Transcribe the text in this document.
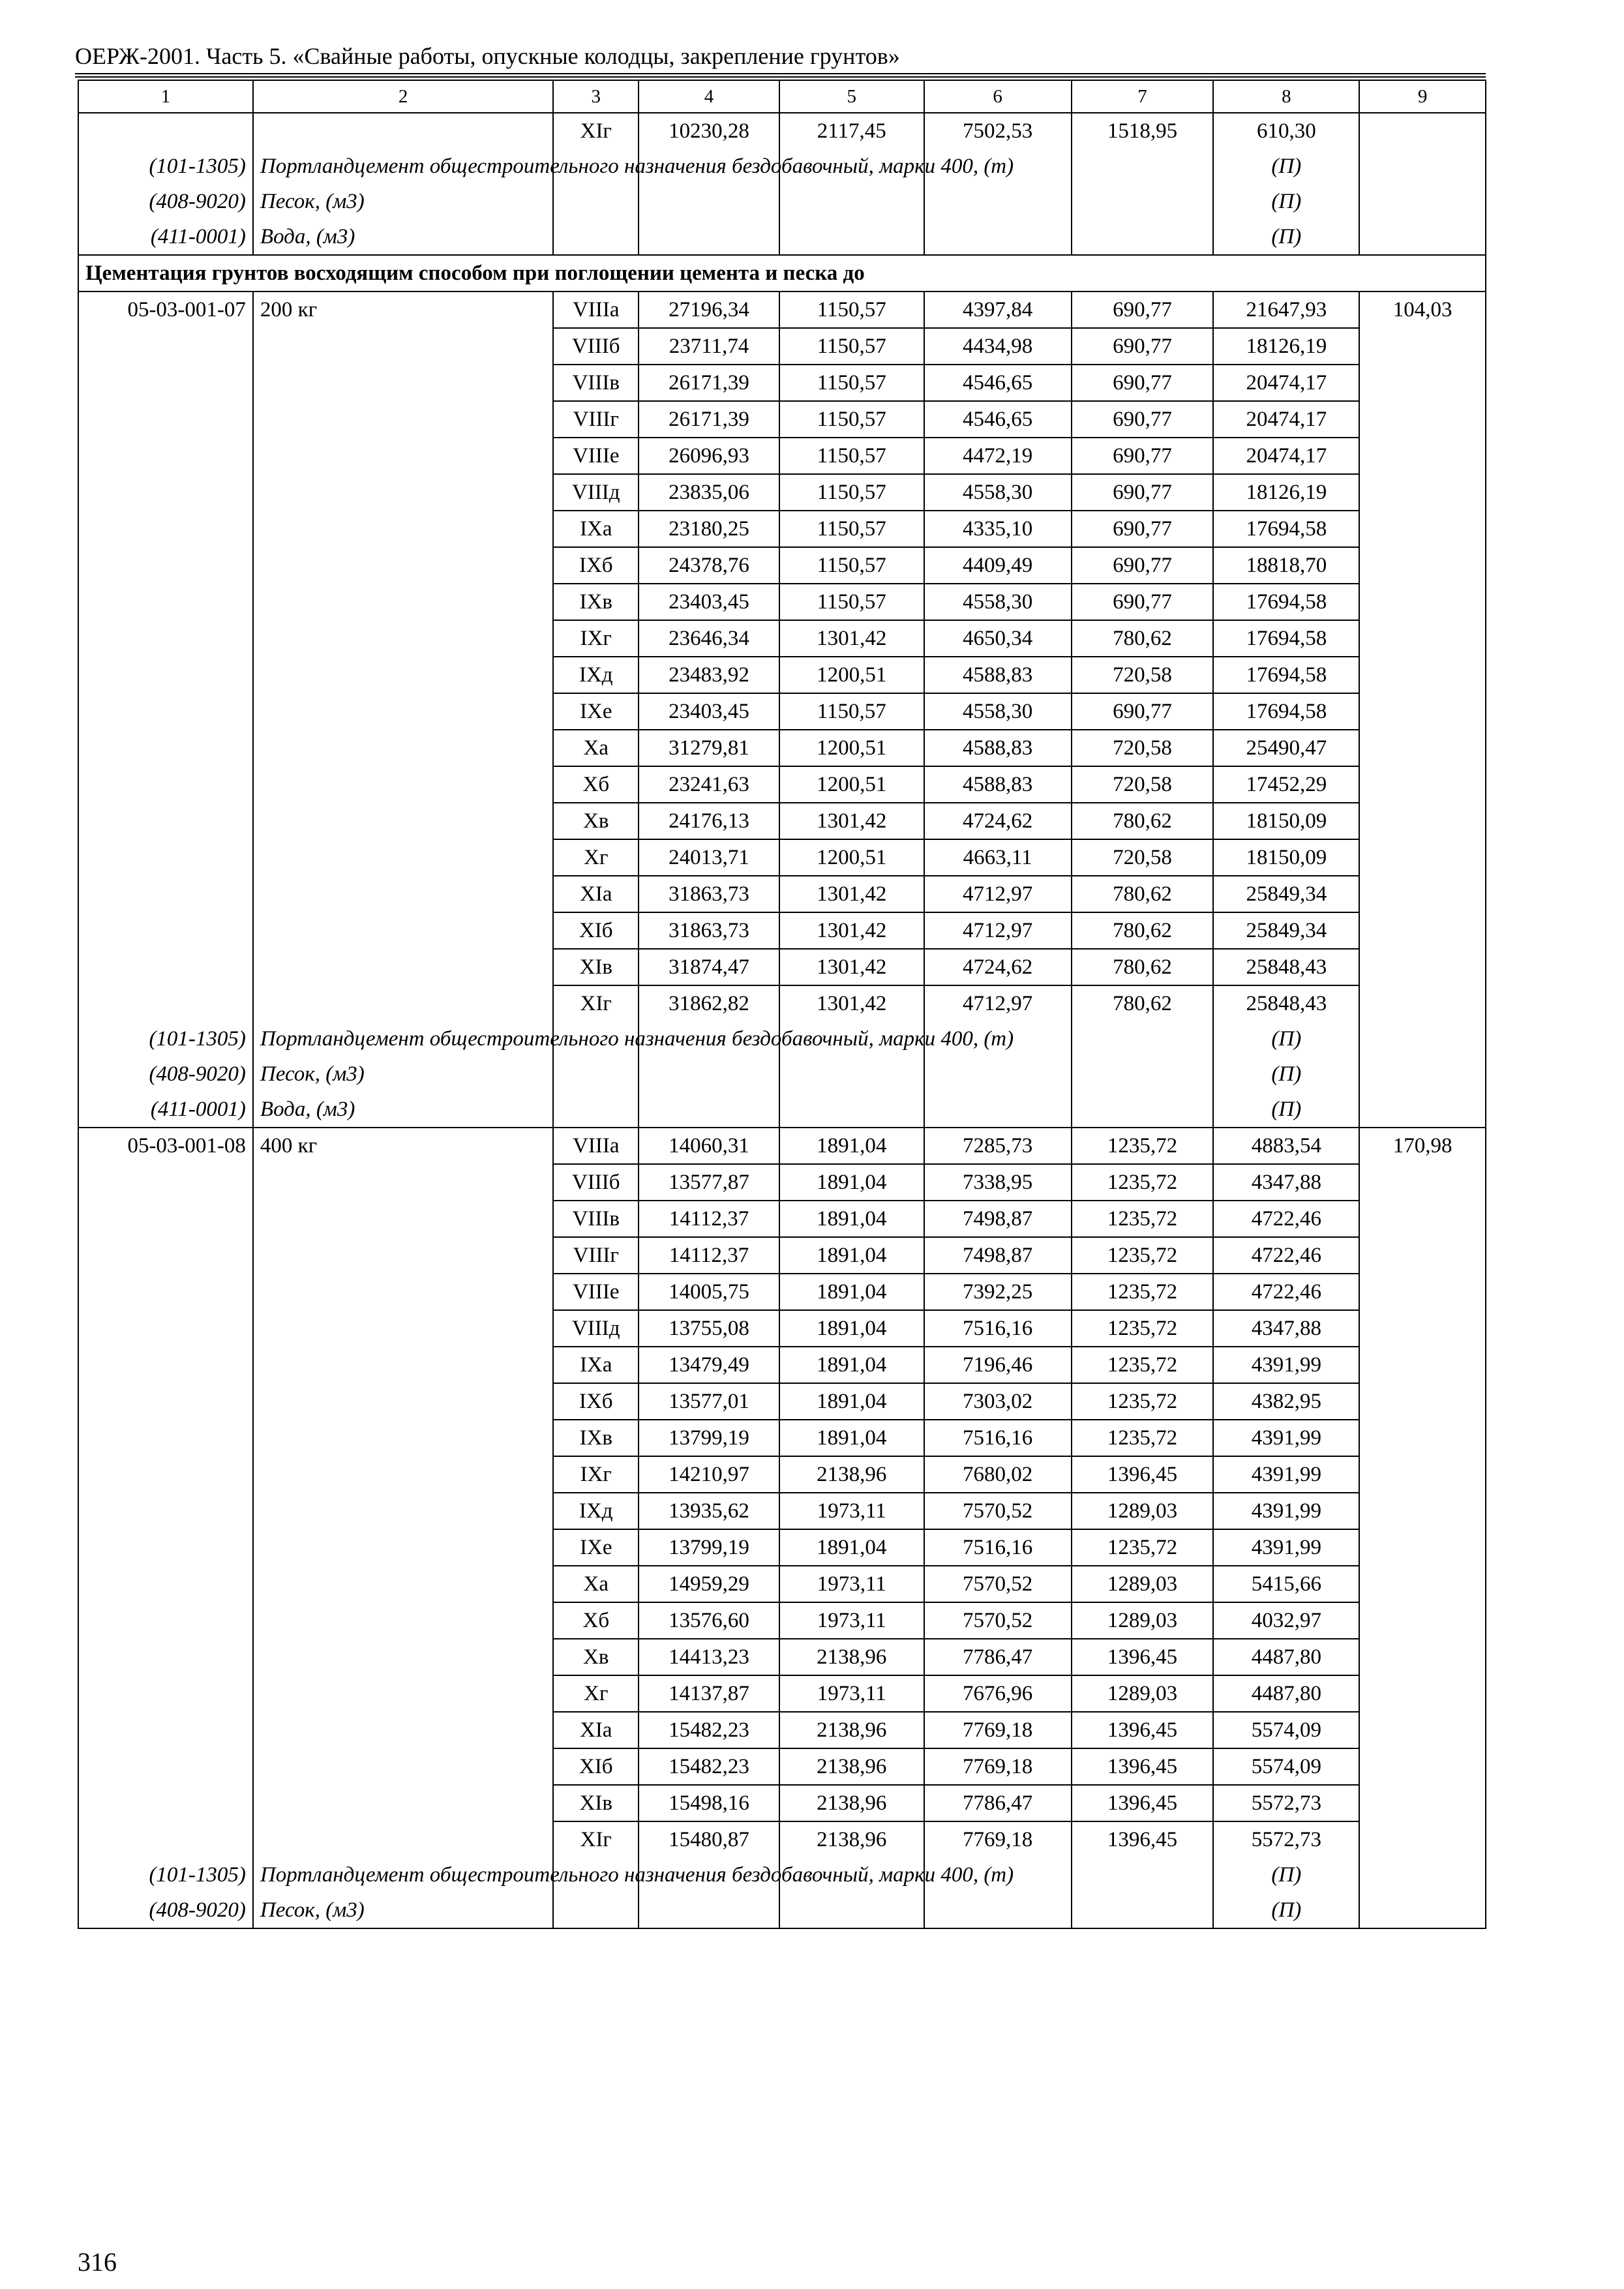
ОЕРЖ-2001. Часть 5. «Свайные работы, опускные колодцы, закрепление грунтов»
1	2	3	4	5	6	7	8	9
		XIг	10230,28	2117,45	7502,53	1518,95	610,30	
(101-1305)	Портландцемент общестроительного назначения бездобавочный, марки 400, (т)						(П)	
(408-9020)	Песок, (м3)						(П)	
(411-0001)	Вода, (м3)						(П)	
Цементация грунтов восходящим способом при поглощении цемента и песка до								
05-03-001-07	200 кг	VIIIа	27196,34	1150,57	4397,84	690,77	21647,93	104,03
		VIIIб	23711,74	1150,57	4434,98	690,77	18126,19	
		VIIIв	26171,39	1150,57	4546,65	690,77	20474,17	
		VIIIг	26171,39	1150,57	4546,65	690,77	20474,17	
		VIIIе	26096,93	1150,57	4472,19	690,77	20474,17	
		VIIIд	23835,06	1150,57	4558,30	690,77	18126,19	
		IXа	23180,25	1150,57	4335,10	690,77	17694,58	
		IXб	24378,76	1150,57	4409,49	690,77	18818,70	
		IXв	23403,45	1150,57	4558,30	690,77	17694,58	
		IXг	23646,34	1301,42	4650,34	780,62	17694,58	
		IXд	23483,92	1200,51	4588,83	720,58	17694,58	
		IXе	23403,45	1150,57	4558,30	690,77	17694,58	
		Xа	31279,81	1200,51	4588,83	720,58	25490,47	
		Xб	23241,63	1200,51	4588,83	720,58	17452,29	
		Xв	24176,13	1301,42	4724,62	780,62	18150,09	
		Xг	24013,71	1200,51	4663,11	720,58	18150,09	
		XIа	31863,73	1301,42	4712,97	780,62	25849,34	
		XIб	31863,73	1301,42	4712,97	780,62	25849,34	
		XIв	31874,47	1301,42	4724,62	780,62	25848,43	
		XIг	31862,82	1301,42	4712,97	780,62	25848,43	
(101-1305)	Портландцемент общестроительного назначения бездобавочный, марки 400, (т)						(П)	
(408-9020)	Песок, (м3)						(П)	
(411-0001)	Вода, (м3)						(П)	
05-03-001-08	400 кг	VIIIа	14060,31	1891,04	7285,73	1235,72	4883,54	170,98
		VIIIб	13577,87	1891,04	7338,95	1235,72	4347,88	
		VIIIв	14112,37	1891,04	7498,87	1235,72	4722,46	
		VIIIг	14112,37	1891,04	7498,87	1235,72	4722,46	
		VIIIе	14005,75	1891,04	7392,25	1235,72	4722,46	
		VIIIд	13755,08	1891,04	7516,16	1235,72	4347,88	
		IXа	13479,49	1891,04	7196,46	1235,72	4391,99	
		IXб	13577,01	1891,04	7303,02	1235,72	4382,95	
		IXв	13799,19	1891,04	7516,16	1235,72	4391,99	
		IXг	14210,97	2138,96	7680,02	1396,45	4391,99	
		IXд	13935,62	1973,11	7570,52	1289,03	4391,99	
		IXе	13799,19	1891,04	7516,16	1235,72	4391,99	
		Xа	14959,29	1973,11	7570,52	1289,03	5415,66	
		Xб	13576,60	1973,11	7570,52	1289,03	4032,97	
		Xв	14413,23	2138,96	7786,47	1396,45	4487,80	
		Xг	14137,87	1973,11	7676,96	1289,03	4487,80	
		XIа	15482,23	2138,96	7769,18	1396,45	5574,09	
		XIб	15482,23	2138,96	7769,18	1396,45	5574,09	
		XIв	15498,16	2138,96	7786,47	1396,45	5572,73	
		XIг	15480,87	2138,96	7769,18	1396,45	5572,73	
(101-1305)	Портландцемент общестроительного назначения бездобавочный, марки 400, (т)						(П)	
(408-9020)	Песок, (м3)						(П)	
316
